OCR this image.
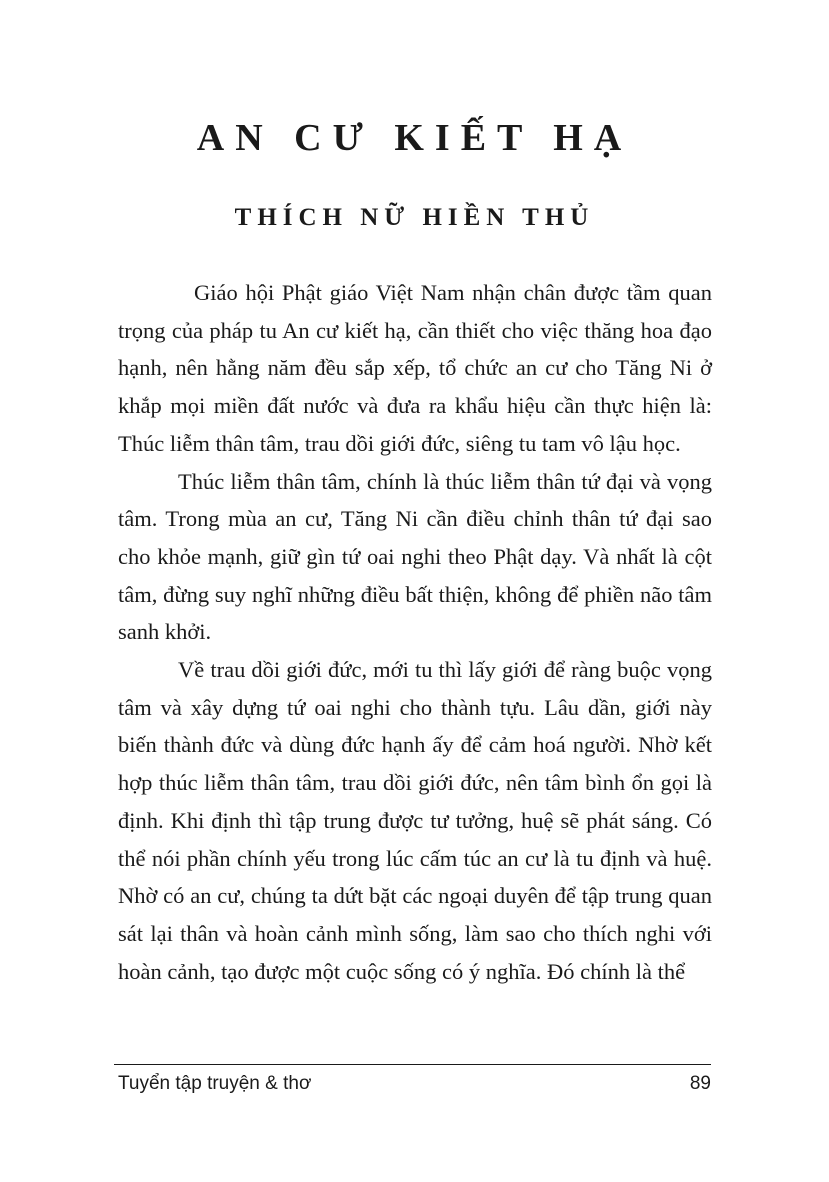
AN CƯ KIẾT HẠ
THÍCH NỮ HIỀN THỦ

Giáo hội Phật giáo Việt Nam nhận chân được tầm quan trọng của pháp tu An cư kiết hạ, cần thiết cho việc thăng hoa đạo hạnh, nên hằng năm đều sắp xếp, tổ chức an cư cho Tăng Ni ở khắp mọi miền đất nước và đưa ra khẩu hiệu cần thực hiện là: Thúc liễm thân tâm, trau dồi giới đức, siêng tu tam vô lậu học.

Thúc liễm thân tâm, chính là thúc liễm thân tứ đại và vọng tâm. Trong mùa an cư, Tăng Ni cần điều chỉnh thân tứ đại sao cho khỏe mạnh, giữ gìn tứ oai nghi theo Phật dạy. Và nhất là cột tâm, đừng suy nghĩ những điều bất thiện, không để phiền não tâm sanh khởi.

Về trau dồi giới đức, mới tu thì lấy giới để ràng buộc vọng tâm và xây dựng tứ oai nghi cho thành tựu. Lâu dần, giới này biến thành đức và dùng đức hạnh ấy để cảm hoá người. Nhờ kết hợp thúc liễm thân tâm, trau dồi giới đức, nên tâm bình ổn gọi là định. Khi định thì tập trung được tư tưởng, huệ sẽ phát sáng. Có thể nói phần chính yếu trong lúc cấm túc an cư là tu định và huệ. Nhờ có an cư, chúng ta dứt bặt các ngoại duyên để tập trung quan sát lại thân và hoàn cảnh mình sống, làm sao cho thích nghi với hoàn cảnh, tạo được một cuộc sống có ý nghĩa. Đó chính là thể

Tuyển tập truyện & thơ	89
